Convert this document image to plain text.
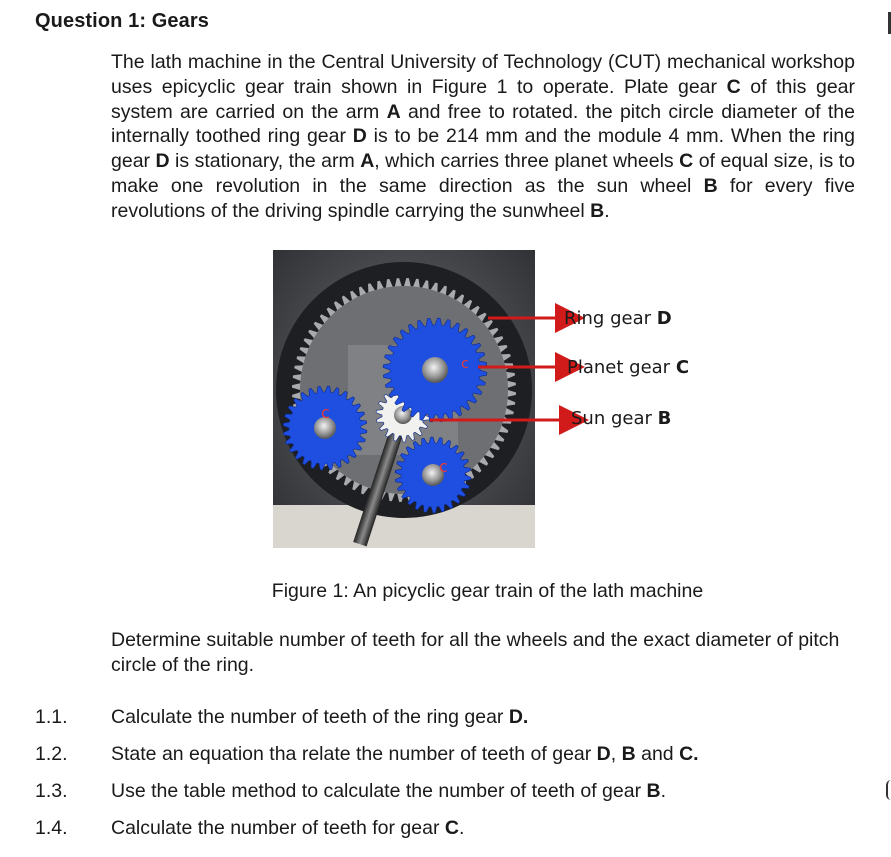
Question 1: Gears

The lath machine in the Central University of Technology (CUT) mechanical workshop uses epicyclic gear train shown in Figure 1 to operate. Plate gear C of this gear system are carried on the arm A and free to rotated. the pitch circle diameter of the internally toothed ring gear D is to be 214 mm and the module 4 mm. When the ring gear D is stationary, the arm A, which carries three planet wheels C of equal size, is to make one revolution in the same direction as the sun wheel B for every five revolutions of the driving spindle carrying the sunwheel B.

c
c
c
Ring gear D
Planet gear C
Sun gear B
Figure 1: An picyclic gear train of the lath machine

Determine suitable number of teeth for all the wheels and the exact diameter of pitch circle of the ring.

1.1. Calculate the number of teeth of the ring gear D.
1.2. State an equation tha relate the number of teeth of gear D, B and C.
1.3. Use the table method to calculate the number of teeth of gear B.
1.4. Calculate the number of teeth for gear C.
